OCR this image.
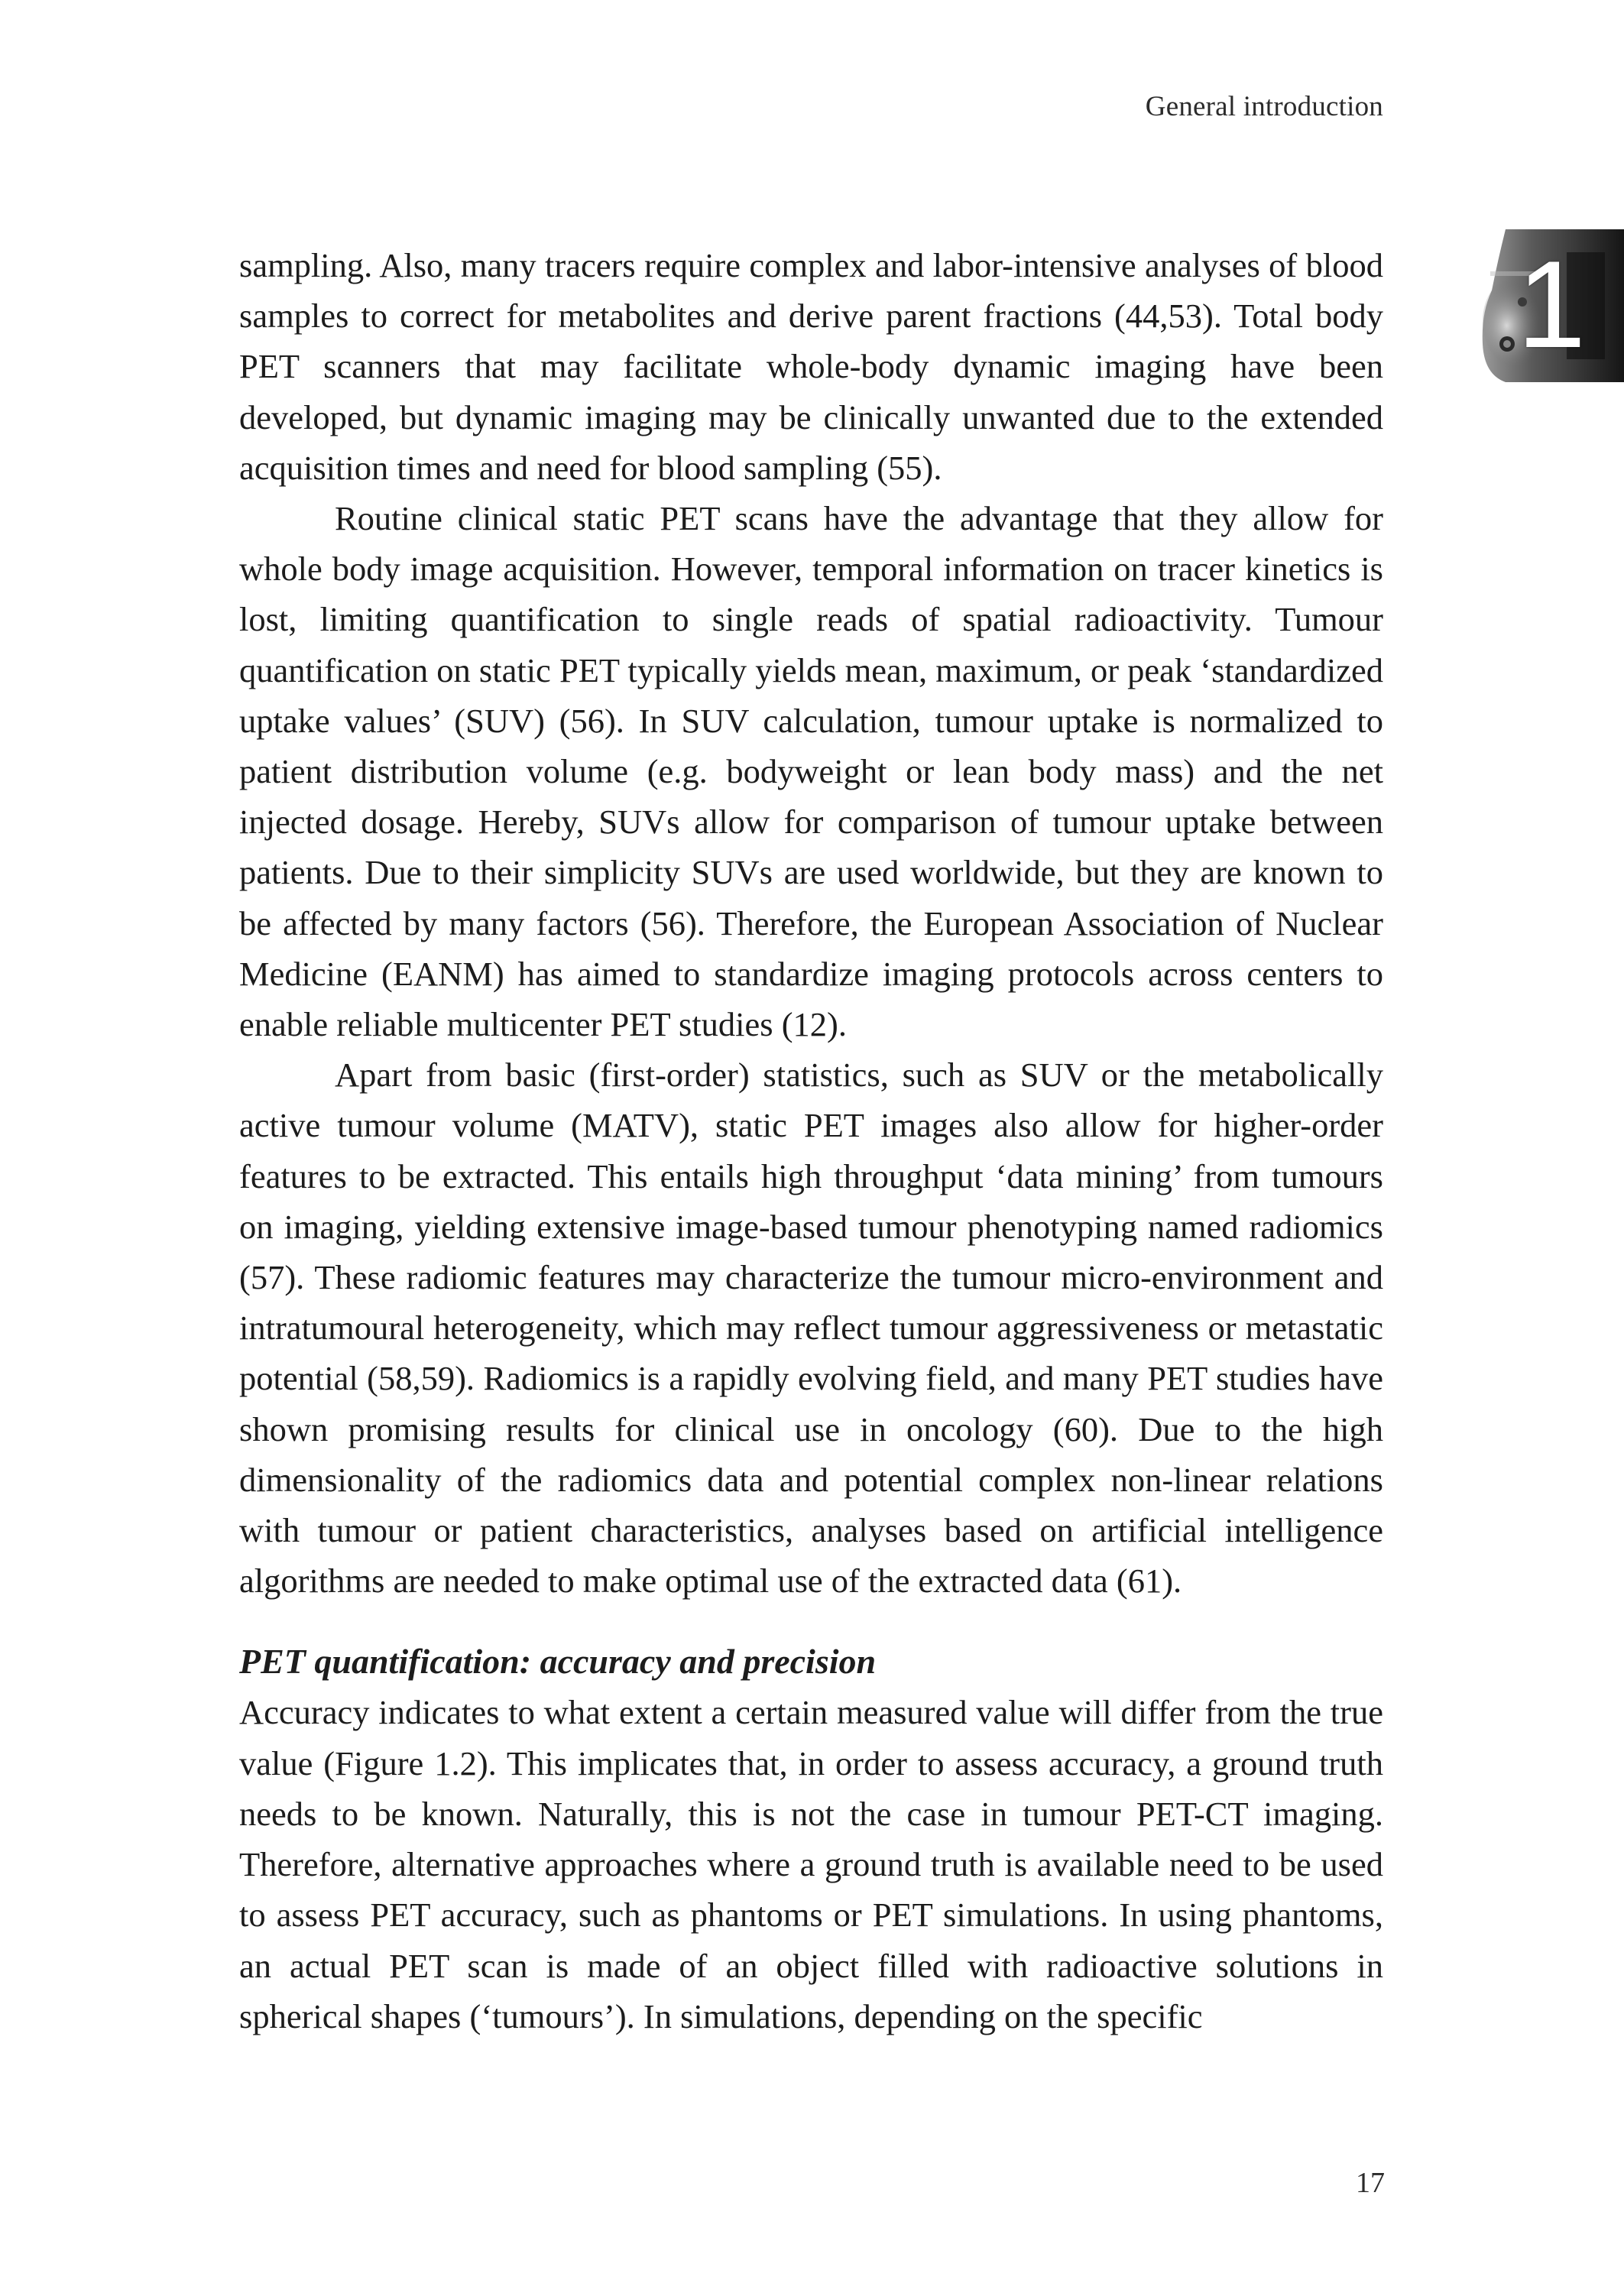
General introduction
1

sampling. Also, many tracers require complex and labor-intensive analyses of blood samples to correct for metabolites and derive parent fractions (44,53). Total body PET scanners that may facilitate whole-body dynamic imaging have been developed, but dynamic imaging may be clinically unwanted due to the extended acquisition times and need for blood sampling (55).

Routine clinical static PET scans have the advantage that they allow for whole body image acquisition. However, temporal information on tracer kinetics is lost, limiting quantification to single reads of spatial radioactivity. Tumour quantification on static PET typically yields mean, maximum, or peak ‘standardized uptake values’ (SUV) (56). In SUV calculation, tumour uptake is normalized to patient distribution volume (e.g. bodyweight or lean body mass) and the net injected dosage. Hereby, SUVs allow for comparison of tumour uptake between patients. Due to their simplicity SUVs are used worldwide, but they are known to be affected by many factors (56). Therefore, the European Association of Nuclear Medicine (EANM) has aimed to standardize imaging protocols across centers to enable reliable multicenter PET studies (12).

Apart from basic (first-order) statistics, such as SUV or the metabolically active tumour volume (MATV), static PET images also allow for higher-order features to be extracted. This entails high throughput ‘data mining’ from tumours on imaging, yielding extensive image-based tumour phenotyping named radiomics (57). These radiomic features may characterize the tumour micro-environment and intratumoural heterogeneity, which may reflect tumour aggressiveness or metastatic potential (58,59). Radiomics is a rapidly evolving field, and many PET studies have shown promising results for clinical use in oncology (60). Due to the high dimensionality of the radiomics data and potential complex non-linear relations with tumour or patient characteristics, analyses based on artificial intelligence algorithms are needed to make optimal use of the extracted data (61).

PET quantification: accuracy and precision

Accuracy indicates to what extent a certain measured value will differ from the true value (Figure 1.2). This implicates that, in order to assess accuracy, a ground truth needs to be known. Naturally, this is not the case in tumour PET-CT imaging. Therefore, alternative approaches where a ground truth is available need to be used to assess PET accuracy, such as phantoms or PET simulations. In using phantoms, an actual PET scan is made of an object filled with radioactive solutions in spherical shapes (‘tumours’). In simulations, depending on the specific

17
